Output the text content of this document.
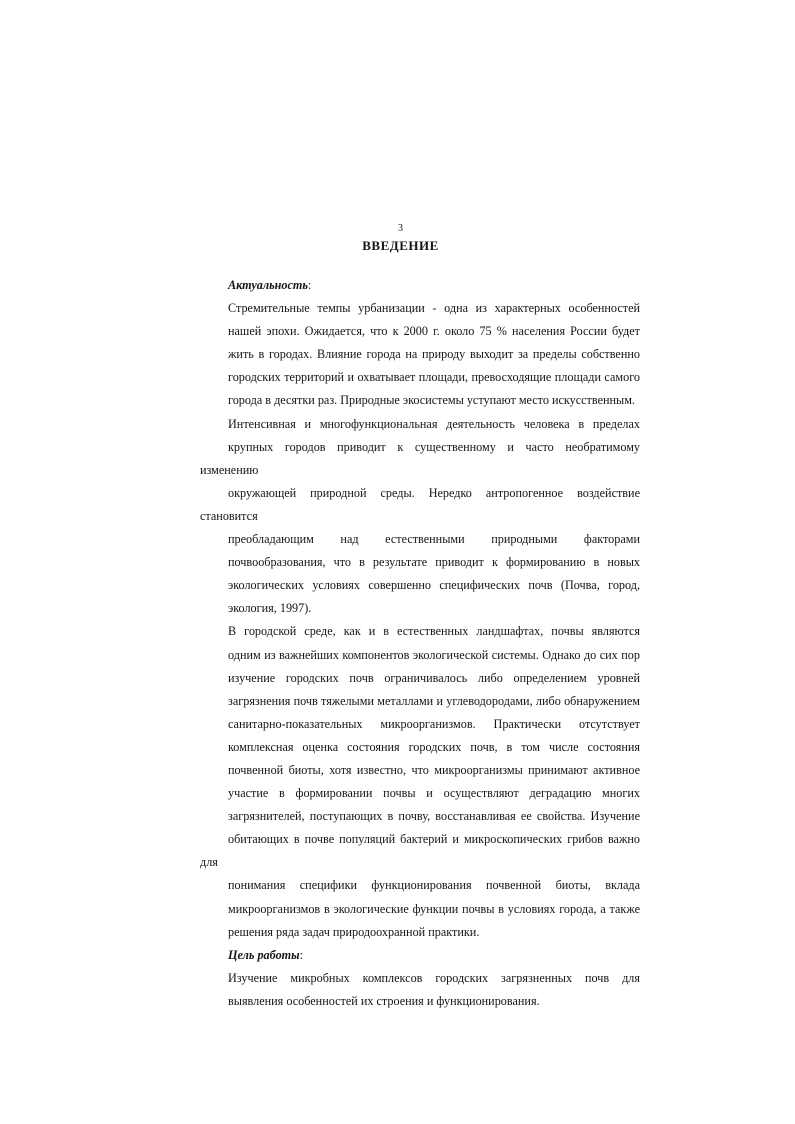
3
ВВЕДЕНИЕ
Актуальность:

Стремительные темпы урбанизации - одна из характерных особенностей
нашей эпохи. Ожидается, что к 2000 г. около 75 % населения России будет
жить в городах. Влияние города на природу выходит за пределы собственно
городских территорий и охватывает площади, превосходящие площади самого
города в десятки раз. Природные экосистемы уступают место искусственным.

Интенсивная и многофункциональная деятельность человека в пределах
крупных городов приводит к существенному и часто необратимому изменению
окружающей природной среды. Нередко антропогенное воздействие становится
преобладающим над естественными природными факторами
почвообразования, что в результате приводит к формированию в новых
экологических условиях совершенно специфических почв (Почва, город,
экология, 1997).

В городской среде, как и в естественных ландшафтах, почвы являются
одним из важнейших компонентов экологической системы. Однако до сих пор
изучение городских почв ограничивалось либо определением уровней
загрязнения почв тяжелыми металлами и углеводородами, либо обнаружением
санитарно-показательных микроорганизмов. Практически отсутствует
комплексная оценка состояния городских почв, в том числе состояния
почвенной биоты, хотя известно, что микроорганизмы принимают активное
участие в формировании почвы и осуществляют деградацию многих
загрязнителей, поступающих в почву, восстанавливая ее свойства. Изучение
обитающих в почве популяций бактерий и микроскопических грибов важно для
понимания специфики функционирования почвенной биоты, вклада
микроорганизмов в экологические функции почвы в условиях города, а также
решения ряда задач природоохранной практики.

Цель работы:

Изучение микробных комплексов городских загрязненных почв для
выявления особенностей их строения и функционирования.
